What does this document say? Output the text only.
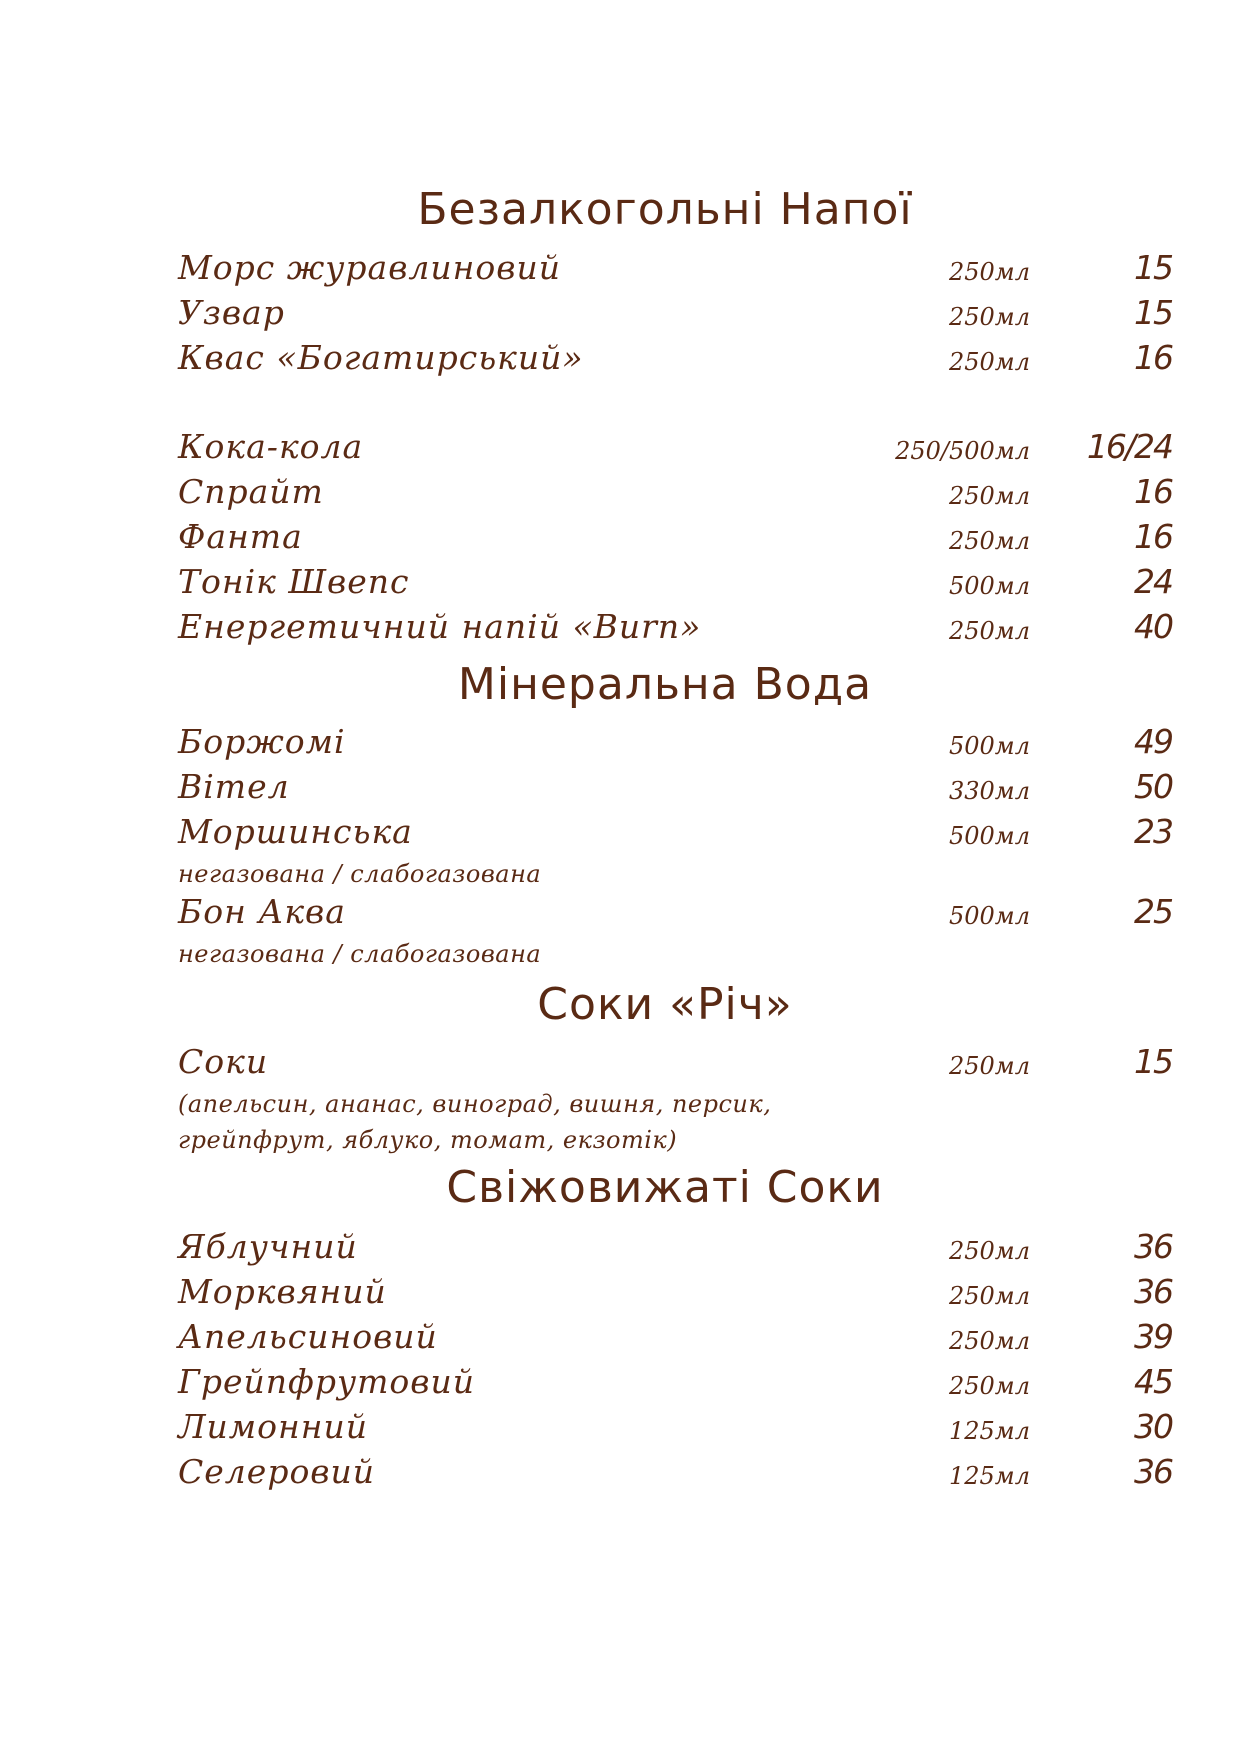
Безалкогольні Напої
Морс журавлиновий	250мл	15
Узвар	250мл	15
Квас «Богатирський»	250мл	16
Кока-кола	250/500мл 16/24
Спрайт	250мл	16
Фанта	250мл	16
Тонік Швепс	500мл	24
Енергетичний напій «Burn»	250мл	40
Мінеральна Вода
Боржомі	500мл	49
Вітел	330мл	50
Моршинська	500мл	23
негазована / слабогазована
Бон Аква	500мл	25
негазована / слабогазована
Соки «Річ»
Соки	250мл	15
(апельсин, ананас, виноград, вишня, персик,
грейпфрут, яблуко, томат, екзотік)
Свіжовижаті Соки
Яблучний	250мл	36
Морквяний	250мл	36
Апельсиновий	250мл	39
Грейпфрутовий	250мл	45
Лимонний	125мл	30
Селеровий	125мл	36
